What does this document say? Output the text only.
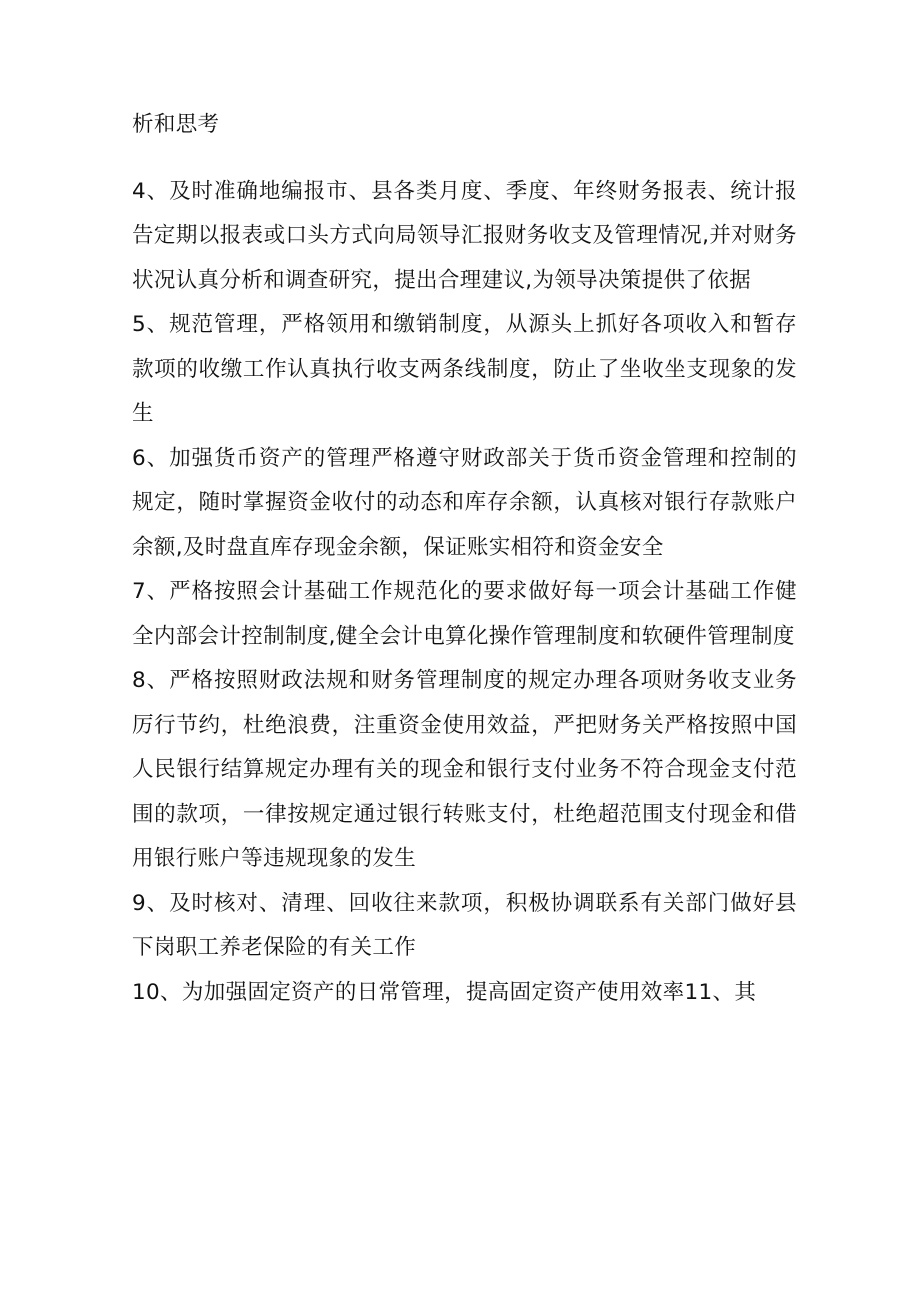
析和思考

4、及时准确地编报市、县各类月度、季度、年终财务报表、统计报告定期以报表或口头方式向局领导汇报财务收支及管理情况,并对财务状况认真分析和调查研究，提出合理建议,为领导决策提供了依据

5、规范管理，严格领用和缴销制度，从源头上抓好各项收入和暂存款项的收缴工作认真执行收支两条线制度，防止了坐收坐支现象的发生

6、加强货币资产的管理严格遵守财政部关于货币资金管理和控制的规定，随时掌握资金收付的动态和库存余额，认真核对银行存款账户余额,及时盘直库存现金余额，保证账实相符和资金安全

7、严格按照会计基础工作规范化的要求做好每一项会计基础工作健全内部会计控制制度,健全会计电算化操作管理制度和软硬件管理制度

8、严格按照财政法规和财务管理制度的规定办理各项财务收支业务厉行节约，杜绝浪费，注重资金使用效益，严把财务关严格按照中国人民银行结算规定办理有关的现金和银行支付业务不符合现金支付范围的款项，一律按规定通过银行转账支付，杜绝超范围支付现金和借用银行账户等违规现象的发生

9、及时核对、清理、回收往来款项，积极协调联系有关部门做好县下岗职工养老保险的有关工作

10、为加强固定资产的日常管理，提高固定资产使用效率11、其
